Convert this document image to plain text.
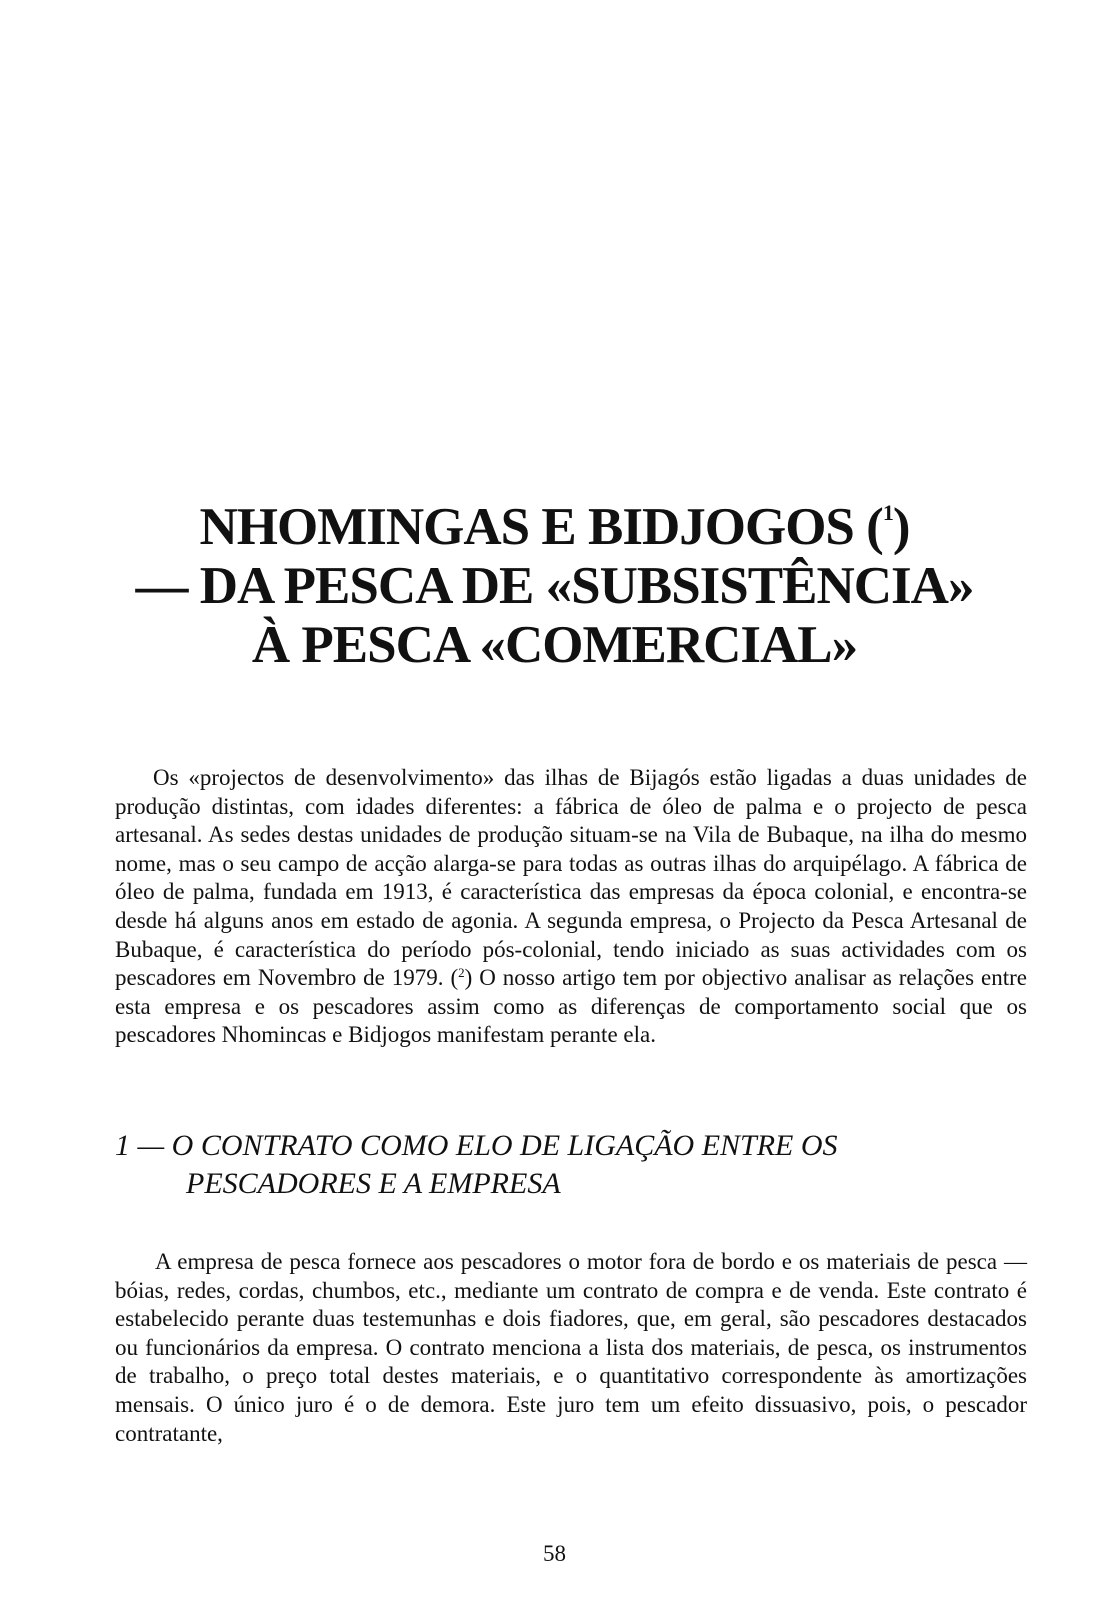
NHOMINGAS E BIDJOGOS ($^1$)
— DA PESCA DE «SUBSISTÊNCIA»
À PESCA «COMERCIAL»
Os «projectos de desenvolvimento» das ilhas de Bijagós estão ligadas a duas unidades de produção distintas, com idades diferentes: a fábrica de óleo de palma e o projecto de pesca artesanal. As sedes destas unidades de produção situam-se na Vila de Bubaque, na ilha do mesmo nome, mas o seu campo de acção alarga-se para todas as outras ilhas do arquipélago. A fábrica de óleo de palma, fundada em 1913, é característica das empresas da época colonial, e encontra-se desde há alguns anos em estado de agonia. A segunda empresa, o Projecto da Pesca Artesanal de Bubaque, é característica do período pós-colonial, tendo iniciado as suas actividades com os pescadores em Novembro de 1979. ($^2$) O nosso artigo tem por objectivo analisar as relações entre esta empresa e os pescadores assim como as diferenças de comportamento social que os pescadores Nhomincas e Bidjogos manifestam perante ela.
1 — O CONTRATO COMO ELO DE LIGAÇÃO ENTRE OS
PESCADORES E A EMPRESA
A empresa de pesca fornece aos pescadores o motor fora de bordo e os materiais de pesca — bóias, redes, cordas, chumbos, etc., mediante um contrato de compra e de venda. Este contrato é estabelecido perante duas testemunhas e dois fiadores, que, em geral, são pescadores destacados ou funcionários da empresa. O contrato menciona a lista dos materiais, de pesca, os instrumentos de trabalho, o preço total destes materiais, e o quantitativo correspondente às amortizações mensais. O único juro é o de demora. Este juro tem um efeito dissuasivo, pois, o pescador contratante,
58
